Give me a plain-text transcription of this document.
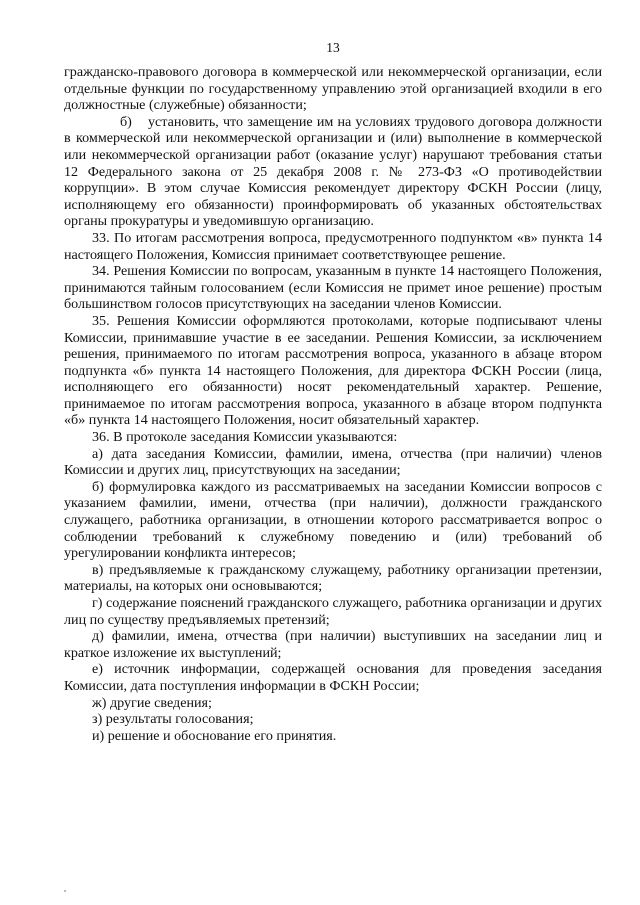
13

гражданско-правового договора в коммерческой или некоммерческой организации, если отдельные функции по государственному управлению этой организацией входили в его должностные (служебные) обязанности;

б) установить, что замещение им на условиях трудового договора должности в коммерческой или некоммерческой организации и (или) выполнение в коммерческой или некоммерческой организации работ (оказание услуг) нарушают требования статьи 12 Федерального закона от 25 декабря 2008 г. № 273-ФЗ «О противодействии коррупции». В этом случае Комиссия рекомендует директору ФСКН России (лицу, исполняющему его обязанности) проинформировать об указанных обстоятельствах органы прокуратуры и уведомившую организацию.

33. По итогам рассмотрения вопроса, предусмотренного подпунктом «в» пункта 14 настоящего Положения, Комиссия принимает соответствующее решение.

34. Решения Комиссии по вопросам, указанным в пункте 14 настоящего Положения, принимаются тайным голосованием (если Комиссия не примет иное решение) простым большинством голосов присутствующих на заседании членов Комиссии.

35. Решения Комиссии оформляются протоколами, которые подписывают члены Комиссии, принимавшие участие в ее заседании. Решения Комиссии, за исключением решения, принимаемого по итогам рассмотрения вопроса, указанного в абзаце втором подпункта «б» пункта 14 настоящего Положения, для директора ФСКН России (лица, исполняющего его обязанности) носят рекомендательный характер. Решение, принимаемое по итогам рассмотрения вопроса, указанного в абзаце втором подпункта «б» пункта 14 настоящего Положения, носит обязательный характер.

36. В протоколе заседания Комиссии указываются:

а) дата заседания Комиссии, фамилии, имена, отчества (при наличии) членов Комиссии и других лиц, присутствующих на заседании;

б) формулировка каждого из рассматриваемых на заседании Комиссии вопросов с указанием фамилии, имени, отчества (при наличии), должности гражданского служащего, работника организации, в отношении которого рассматривается вопрос о соблюдении требований к служебному поведению и (или) требований об урегулировании конфликта интересов;

в) предъявляемые к гражданскому служащему, работнику организации претензии, материалы, на которых они основываются;

г) содержание пояснений гражданского служащего, работника организации и других лиц по существу предъявляемых претензий;

д) фамилии, имена, отчества (при наличии) выступивших на заседании лиц и краткое изложение их выступлений;

е) источник информации, содержащей основания для проведения заседания Комиссии, дата поступления информации в ФСКН России;

ж) другие сведения;

з) результаты голосования;

и) решение и обоснование его принятия.
